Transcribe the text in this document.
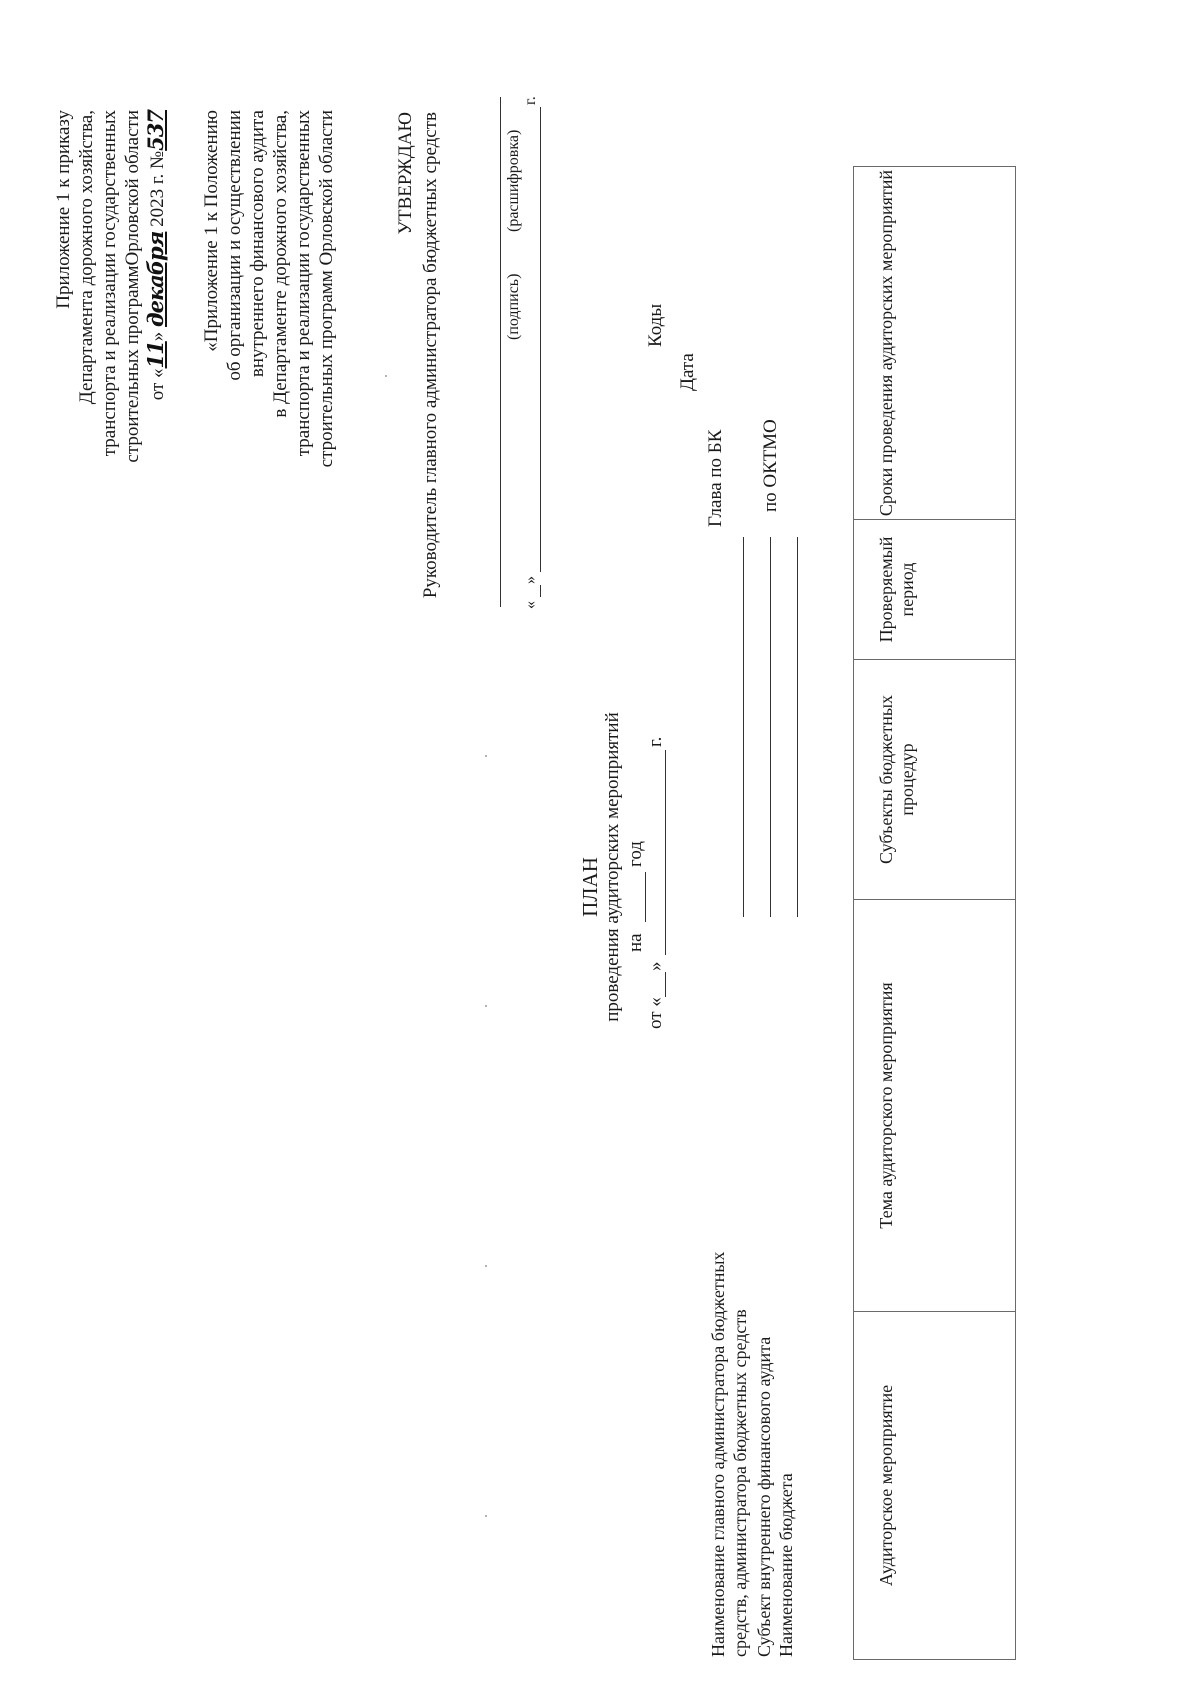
Приложение 1 к приказу Департамента дорожного хозяйства, транспорта и реализации государственных строительных программОрловской области от «11» декабря 2023 г. №537 «Приложение 1 к Положению об организации и осуществлении внутреннего финансового аудита в Департаменте дорожного хозяйства, транспорта и реализации государственных строительных программ Орловской области	УТВЕРЖДАЮ Руководитель главного администратора бюджетных средств	(подпись)
(расшифровка)
«
»
г.
ПЛАН проведения аудиторских мероприятий на
год
от «
»
г.
Коды
Дата
Глава по БК по ОКТМО
Наименование главного администратора бюджетных средств, администратора бюджетных средств Субъект внутреннего финансового аудита Наименование бюджета	Аудиторское мероприятие	Тема аудиторского мероприятия	Субъекты бюджетных процедур	Проверяемый период	Сроки проведения аудиторских мероприятий
